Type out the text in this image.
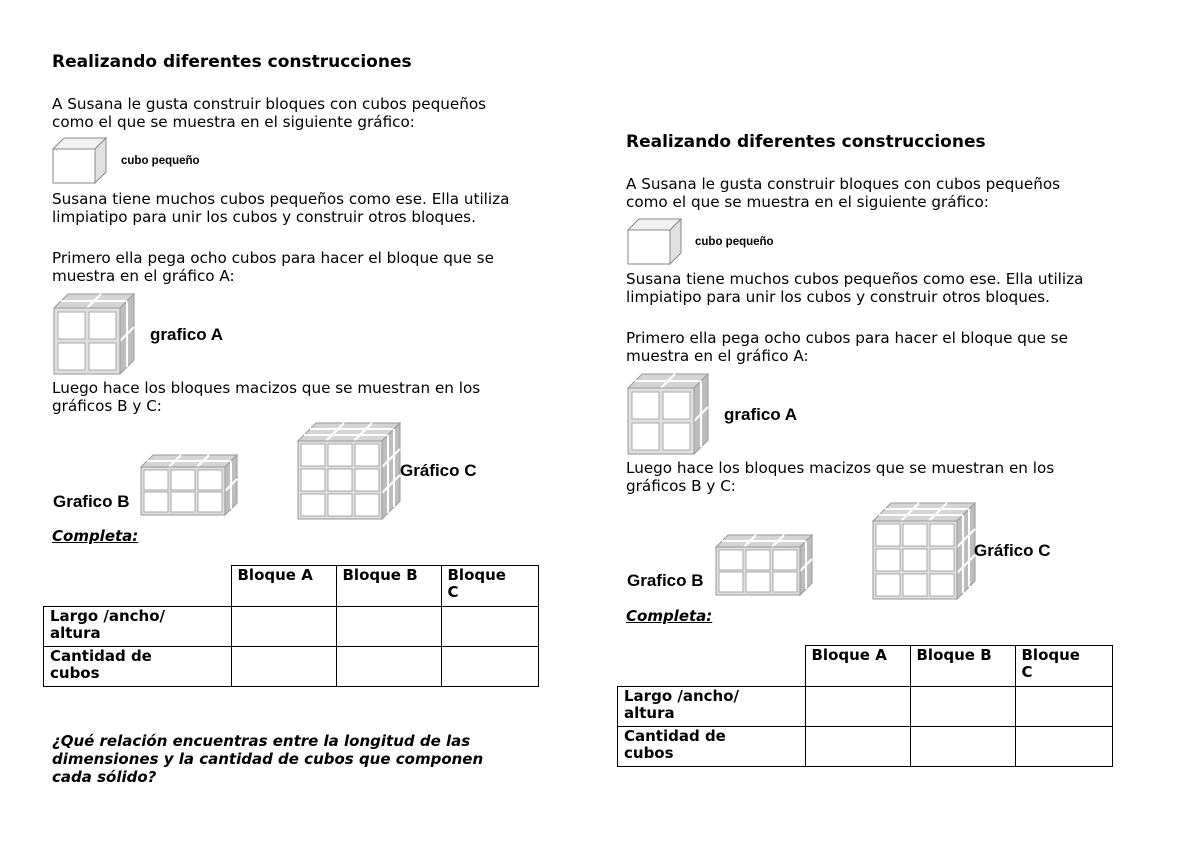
Realizando diferentes construcciones
A Susana le gusta construir bloques con cubos pequeños
como el que se muestra en el siguiente gráfico:
cubo pequeño
Susana tiene muchos cubos pequeños como ese. Ella utiliza
limpiatipo para unir los cubos y construir otros bloques.
Primero ella pega ocho cubos para hacer el bloque que se
muestra en el gráfico A:
grafico A
Luego hace los bloques macizos que se muestran en los
gráficos B y C:
Gráfico C
Grafico B
Completa:
	Bloque A	Bloque B	Bloque C
Largo /ancho/ altura			
Cantidad de cubos			
¿Qué relación encuentras entre la longitud de las
dimensiones y la cantidad de cubos que componen
cada sólido?
Realizando diferentes construcciones
A Susana le gusta construir bloques con cubos pequeños
como el que se muestra en el siguiente gráfico:
cubo pequeño
Susana tiene muchos cubos pequeños como ese. Ella utiliza
limpiatipo para unir los cubos y construir otros bloques.
Primero ella pega ocho cubos para hacer el bloque que se
muestra en el gráfico A:
grafico A
Luego hace los bloques macizos que se muestran en los
gráficos B y C:
Gráfico C
Grafico B
Completa:
	Bloque A	Bloque B	Bloque C
Largo /ancho/ altura			
Cantidad de cubos			
